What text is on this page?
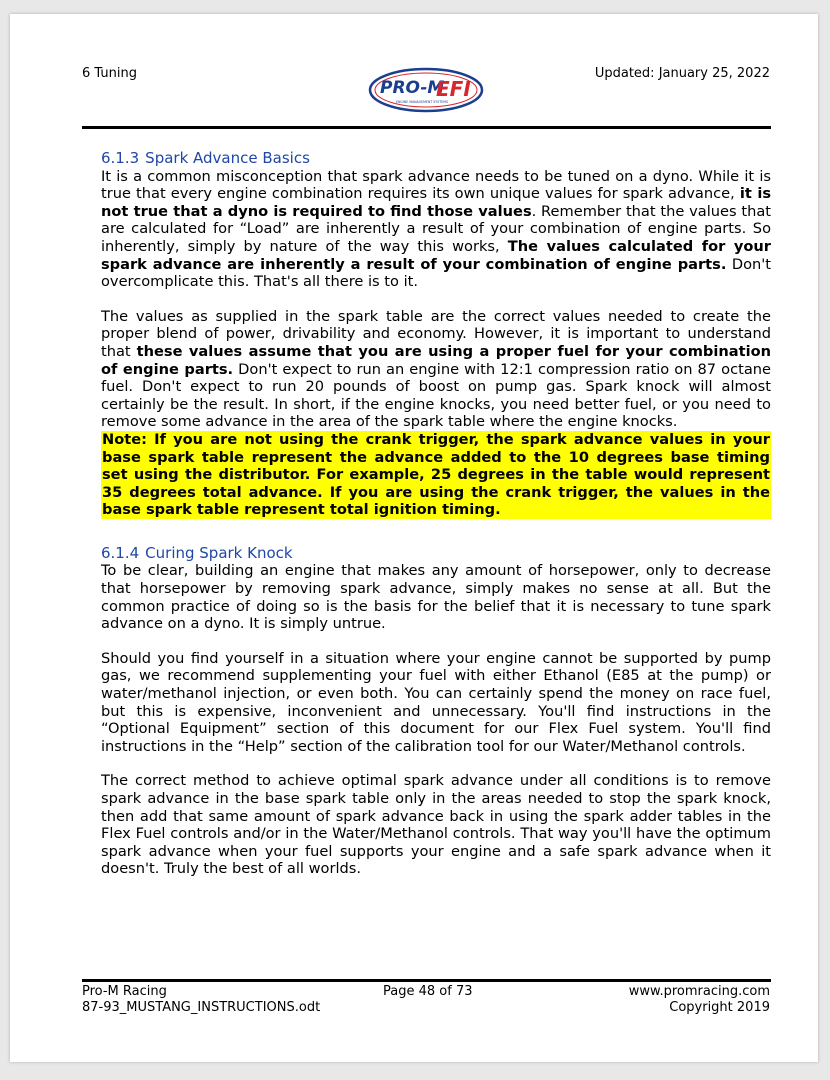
6 Tuning
PRO-M
EFI
ENGINE MANAGEMENT SYSTEMS
Updated: January 25, 2022
6.1.3 Spark Advance Basics

It is a common misconception that spark advance needs to be tuned on a dyno. While it is true that every engine combination requires its own unique values for spark advance, it is not true that a dyno is required to find those values. Remember that the values that are calculated for “Load” are inherently a result of your combination of engine parts. So inherently, simply by nature of the way this works, The values calculated for your spark advance are inherently a result of your combination of engine parts. Don't overcomplicate this. That's all there is to it.

The values as supplied in the spark table are the correct values needed to create the proper blend of power, drivability and economy. However, it is important to understand that these values assume that you are using a proper fuel for your combination of engine parts. Don't expect to run an engine with 12:1 compression ratio on 87 octane fuel. Don't expect to run 20 pounds of boost on pump gas. Spark knock will almost certainly be the result. In short, if the engine knocks, you need better fuel, or you need to remove some advance in the area of the spark table where the engine knocks.

Note: If you are not using the crank trigger, the spark advance values in your base spark table represent the advance added to the 10 degrees base timing set using the distributor. For example, 25 degrees in the table would represent 35 degrees total advance. If you are using the crank trigger, the values in the base spark table represent total ignition timing.

6.1.4 Curing Spark Knock

To be clear, building an engine that makes any amount of horsepower, only to decrease that horsepower by removing spark advance, simply makes no sense at all. But the common practice of doing so is the basis for the belief that it is necessary to tune spark advance on a dyno. It is simply untrue.

Should you find yourself in a situation where your engine cannot be supported by pump gas, we recommend supplementing your fuel with either Ethanol (E85 at the pump) or water/methanol injection, or even both. You can certainly spend the money on race fuel, but this is expensive, inconvenient and unnecessary. You'll find instructions in the “Optional Equipment” section of this document for our Flex Fuel system. You'll find instructions in the “Help” section of the calibration tool for our Water/Methanol controls.

The correct method to achieve optimal spark advance under all conditions is to remove spark advance in the base spark table only in the areas needed to stop the spark knock, then add that same amount of spark advance back in using the spark adder tables in the Flex Fuel controls and/or in the Water/Methanol controls. That way you'll have the optimum spark advance when your fuel supports your engine and a safe spark advance when it doesn't. Truly the best of all worlds.

Pro-M Racing
87-93_MUSTANG_INSTRUCTIONS.odt
Page 48 of 73	www.promracing.com
Copyright 2019
